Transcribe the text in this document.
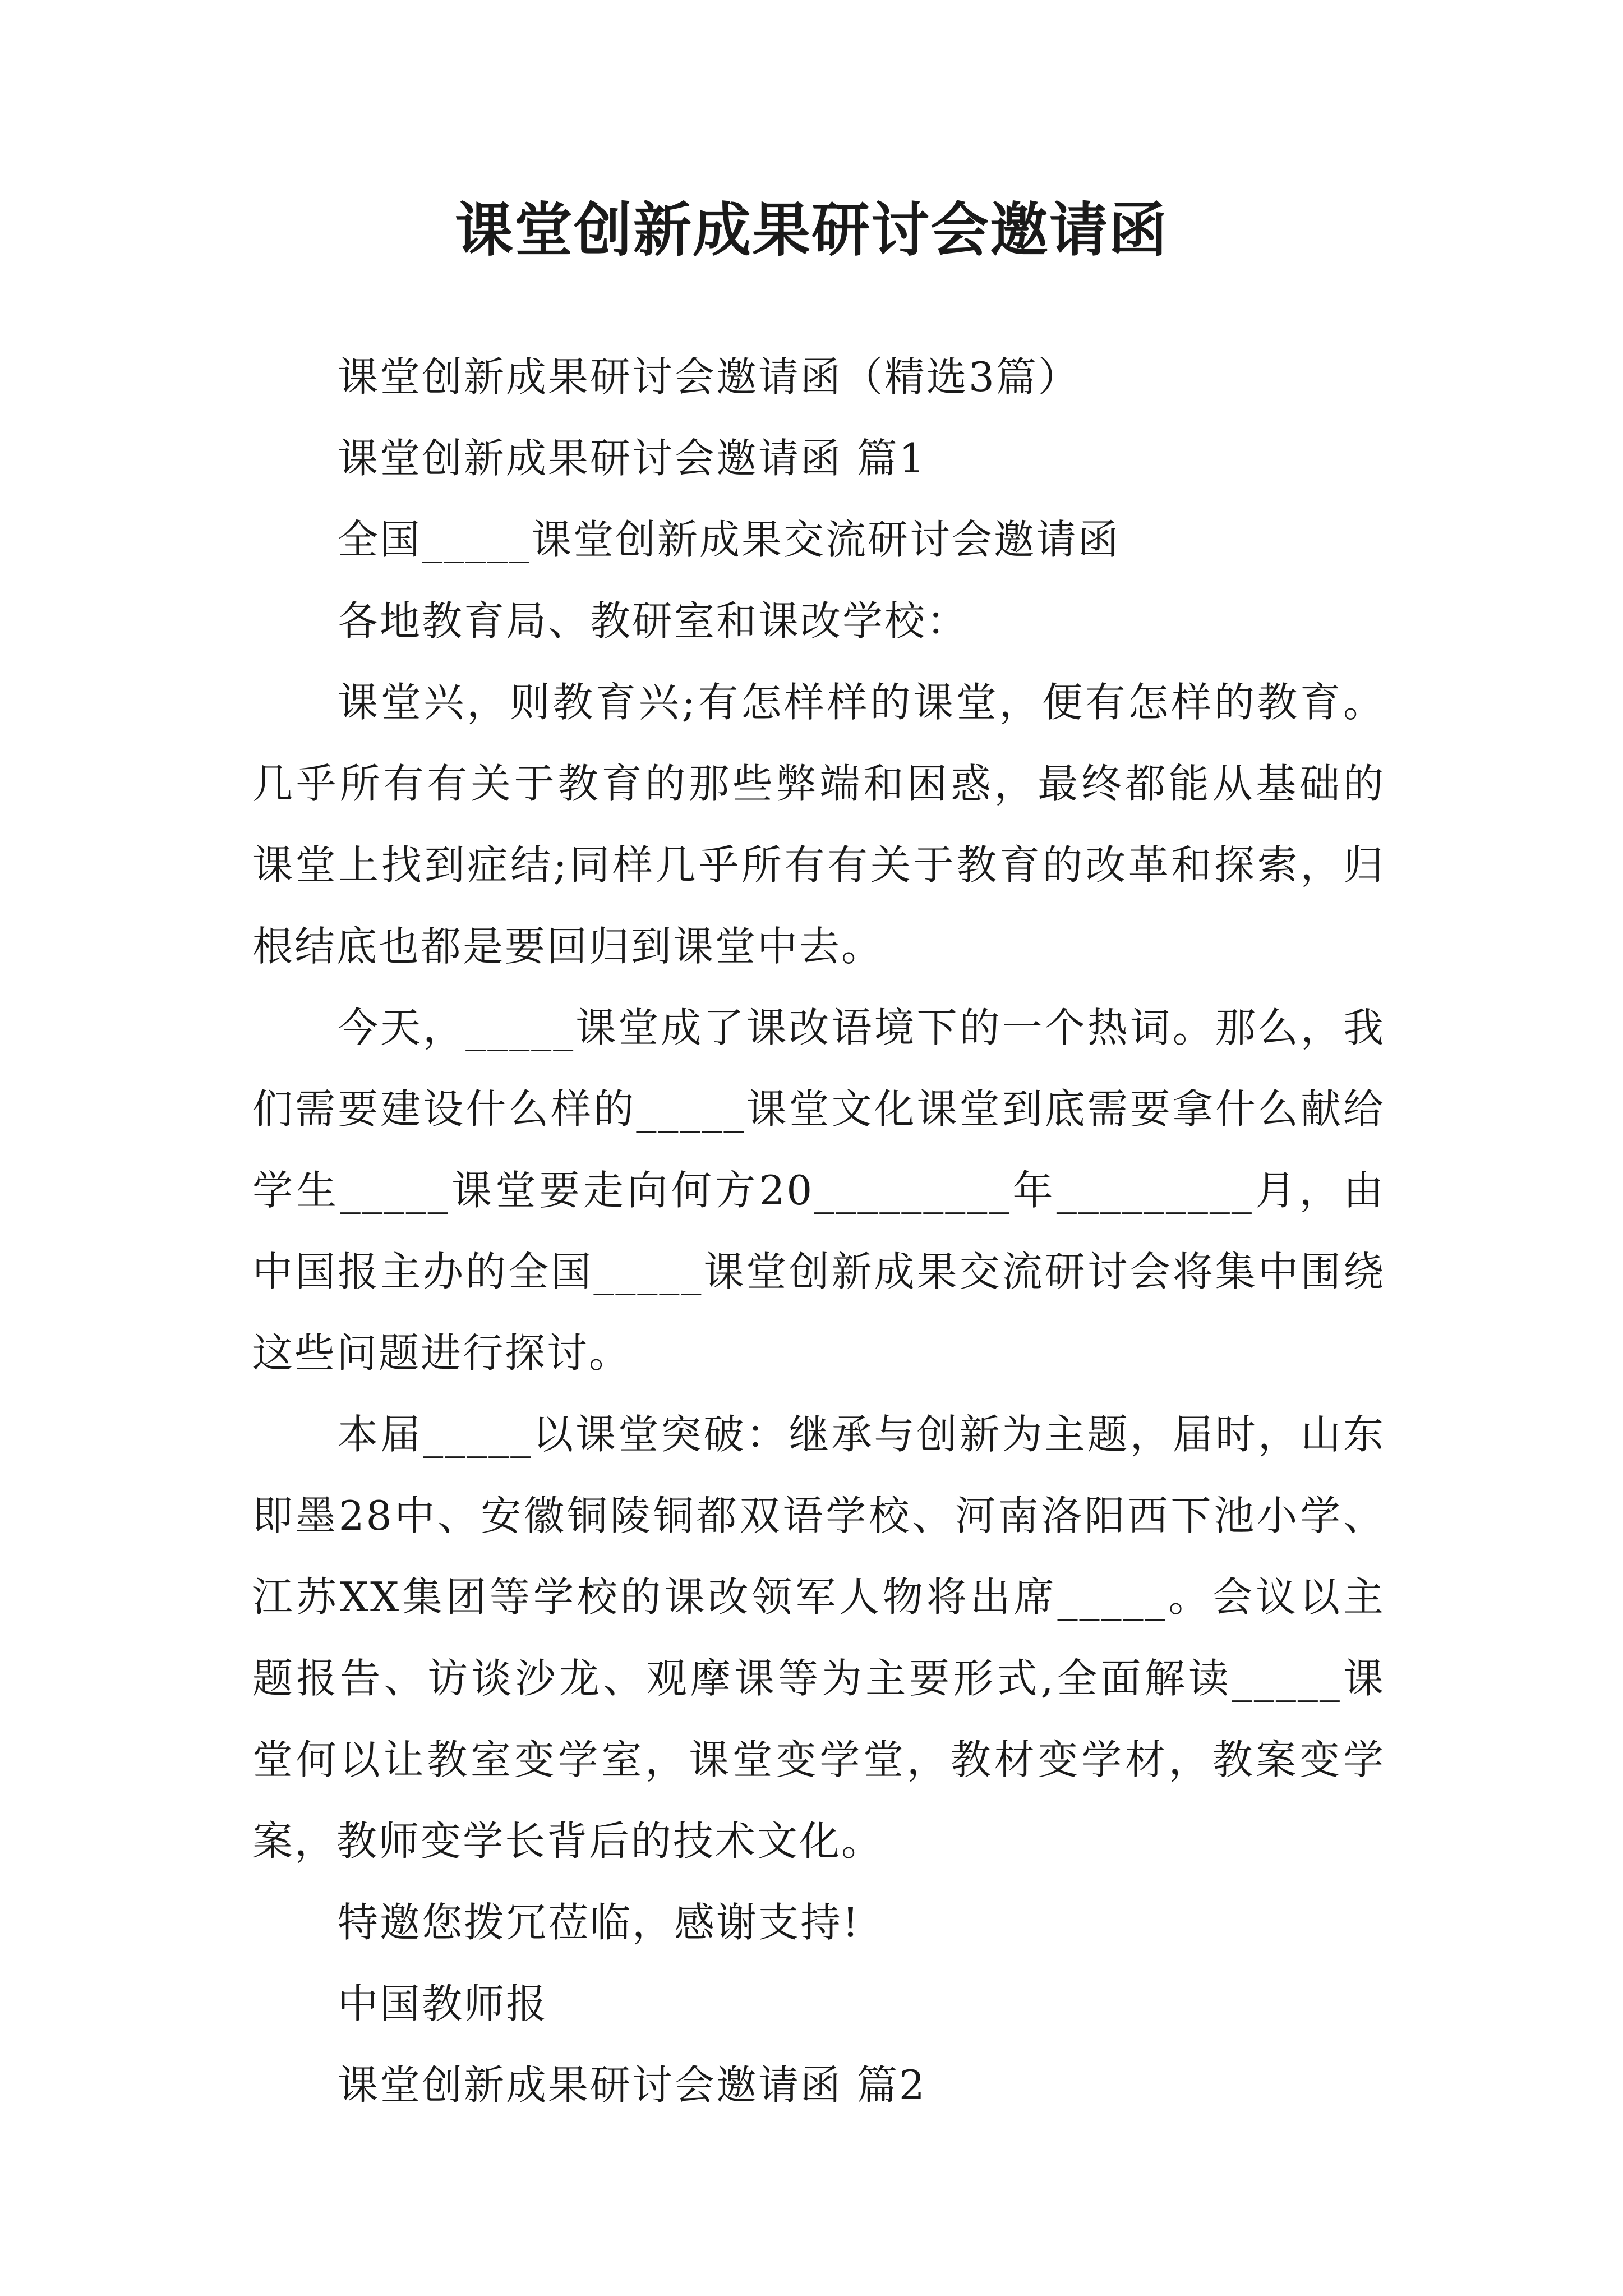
课堂创新成果研讨会邀请函

课堂创新成果研讨会邀请函（精选3篇）

课堂创新成果研讨会邀请函 篇1

全国_____课堂创新成果交流研讨会邀请函

各地教育局、教研室和课改学校：

课堂兴，则教育兴;有怎样样的课堂，便有怎样的教育。几乎所有有关于教育的那些弊端和困惑，最终都能从基础的课堂上找到症结;同样几乎所有有关于教育的改革和探索，归根结底也都是要回归到课堂中去。

今天，_____课堂成了课改语境下的一个热词。那么，我们需要建设什么样的_____课堂文化课堂到底需要拿什么献给学生_____课堂要走向何方20_________年_________月，由中国报主办的全国_____课堂创新成果交流研讨会将集中围绕这些问题进行探讨。

本届_____以课堂突破：继承与创新为主题，届时，山东即墨28中、安徽铜陵铜都双语学校、河南洛阳西下池小学、江苏XX集团等学校的课改领军人物将出席_____。会议以主题报告、访谈沙龙、观摩课等为主要形式,全面解读_____课堂何以让教室变学室，课堂变学堂，教材变学材，教案变学案，教师变学长背后的技术文化。

特邀您拨冗莅临，感谢支持!

中国教师报

课堂创新成果研讨会邀请函 篇2
